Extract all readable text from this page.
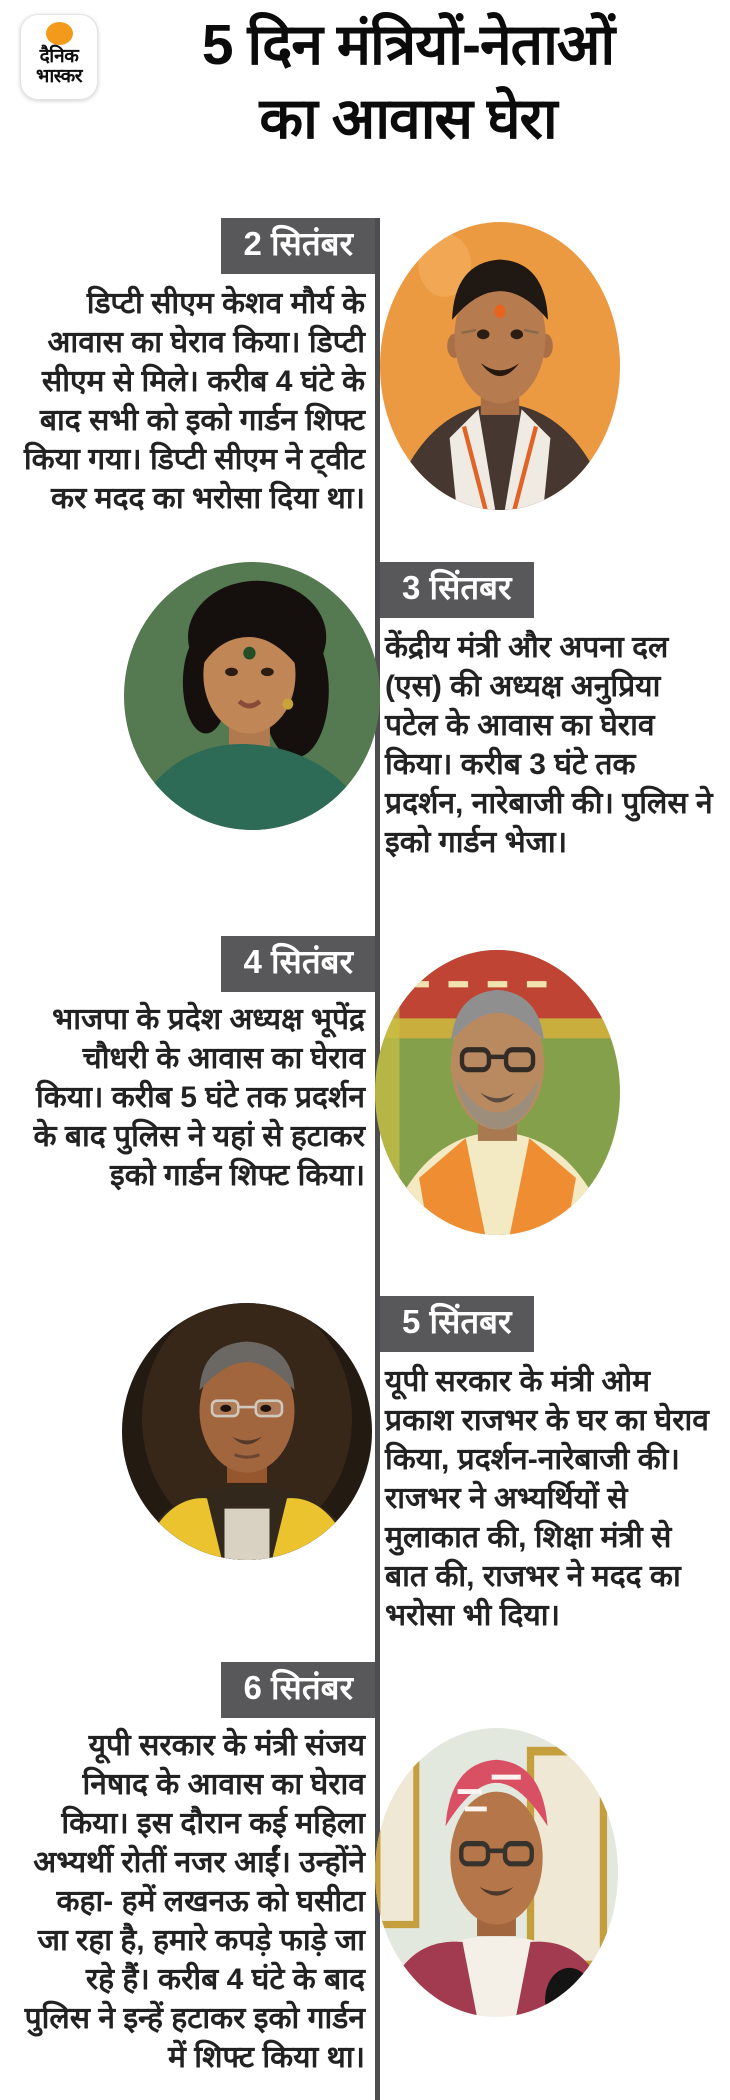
दैनिक
भास्कर	5 दिन मंत्रियों-नेताओं
का आवास घेरा
2 सितंबर
डिप्टी सीएम केशव मौर्य के आवास का घेराव किया। डिप्टी सीएम से मिले। करीब 4 घंटे के बाद सभी को इको गार्डन शिफ्ट किया गया। डिप्टी सीएम ने ट्वीट कर मदद का भरोसा दिया था।
3 सिंतबर
केंद्रीय मंत्री और अपना दल (एस) की अध्यक्ष अनुप्रिया पटेल के आवास का घेराव किया। करीब 3 घंटे तक प्रदर्शन, नारेबाजी की। पुलिस ने इको गार्डन भेजा।
4 सितंबर
भाजपा के प्रदेश अध्यक्ष भूपेंद्र चौधरी के आवास का घेराव किया। करीब 5 घंटे तक प्रदर्शन के बाद पुलिस ने यहां से हटाकर इको गार्डन शिफ्ट किया।
5 सिंतबर
यूपी सरकार के मंत्री ओम प्रकाश राजभर के घर का घेराव किया, प्रदर्शन-नारेबाजी की। राजभर ने अभ्यर्थियों से मुलाकात की, शिक्षा मंत्री से बात की, राजभर ने मदद का भरोसा भी दिया।
6 सितंबर
यूपी सरकार के मंत्री संजय निषाद के आवास का घेराव किया। इस दौरान कई महिला अभ्यर्थी रोतीं नजर आईं। उन्होंने कहा- हमें लखनऊ को घसीटा जा रहा है, हमारे कपड़े फाड़े जा रहे हैं। करीब 4 घंटे के बाद पुलिस ने इन्हें हटाकर इको गार्डन में शिफ्ट किया था।
